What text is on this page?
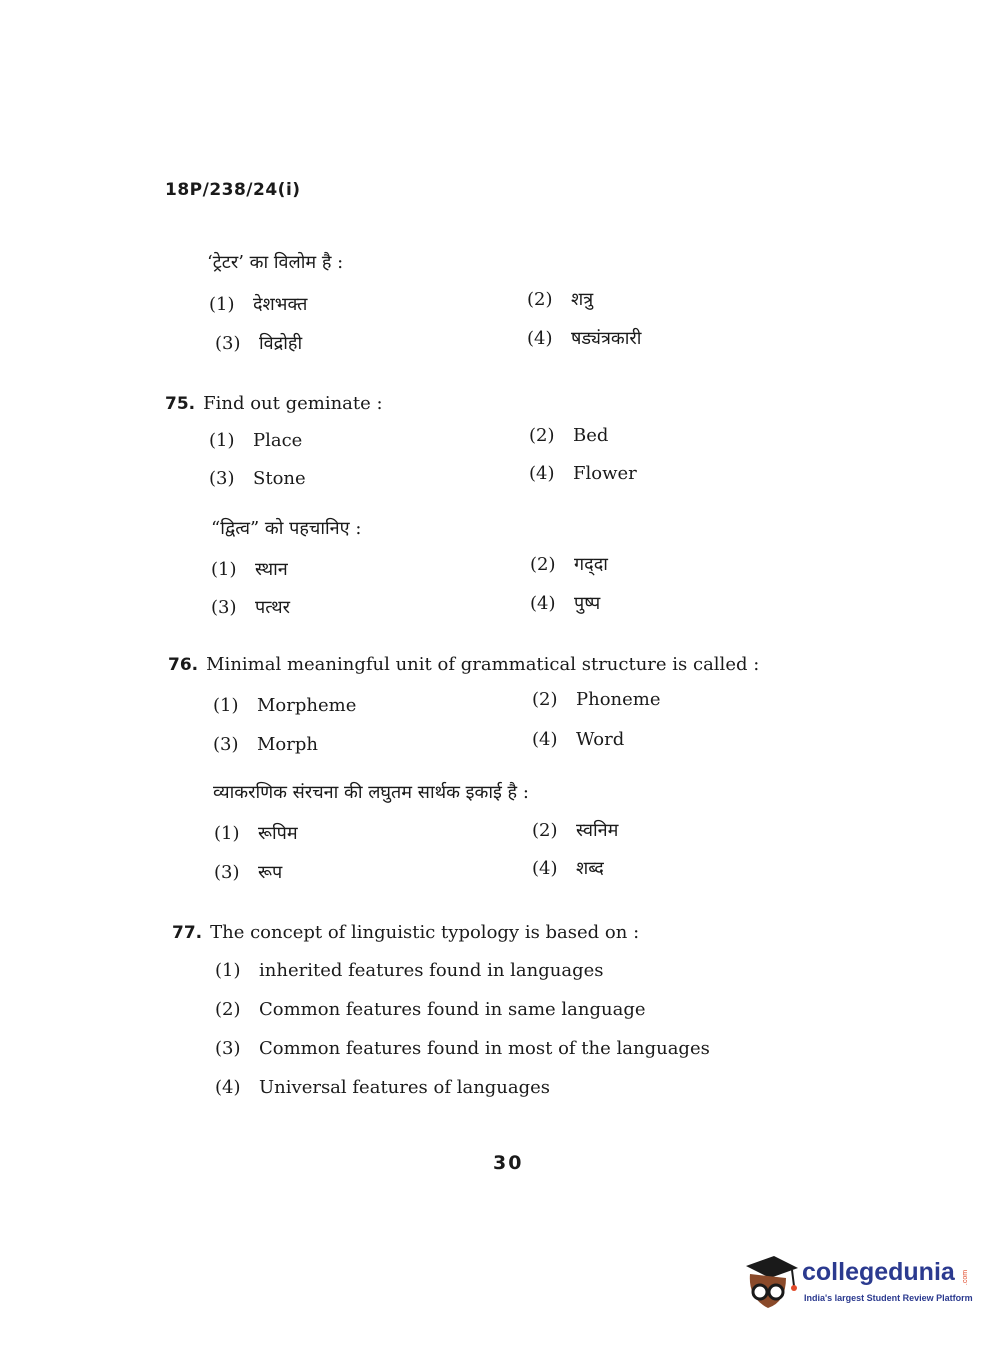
18P/238/24(i)
‘ट्रेटर’ का विलोम है :
(1) देशभक्त	(2) शत्रु
(3) विद्रोही	(4) षड्यंत्रकारी
75. Find out geminate :
(1) Place	(2) Bed
(3) Stone	(4) Flower
“द्वित्व” को पहचानिए :
(1) स्थान	(2) गद्‌दा
(3) पत्थर	(4) पुष्प
76. Minimal meaningful unit of grammatical structure is called :
(1) Morpheme	(2) Phoneme
(3) Morph	(4) Word
व्याकरणिक संरचना की लघुतम सार्थक इकाई है :
(1) रूपिम	(2) स्वनिम
(3) रूप	(4) शब्द
77. The concept of linguistic typology is based on :
(1) inherited features found in languages
(2) Common features found in same language
(3) Common features found in most of the languages
(4) Universal features of languages
30
collegedunia .com
India's largest Student Review Platform
